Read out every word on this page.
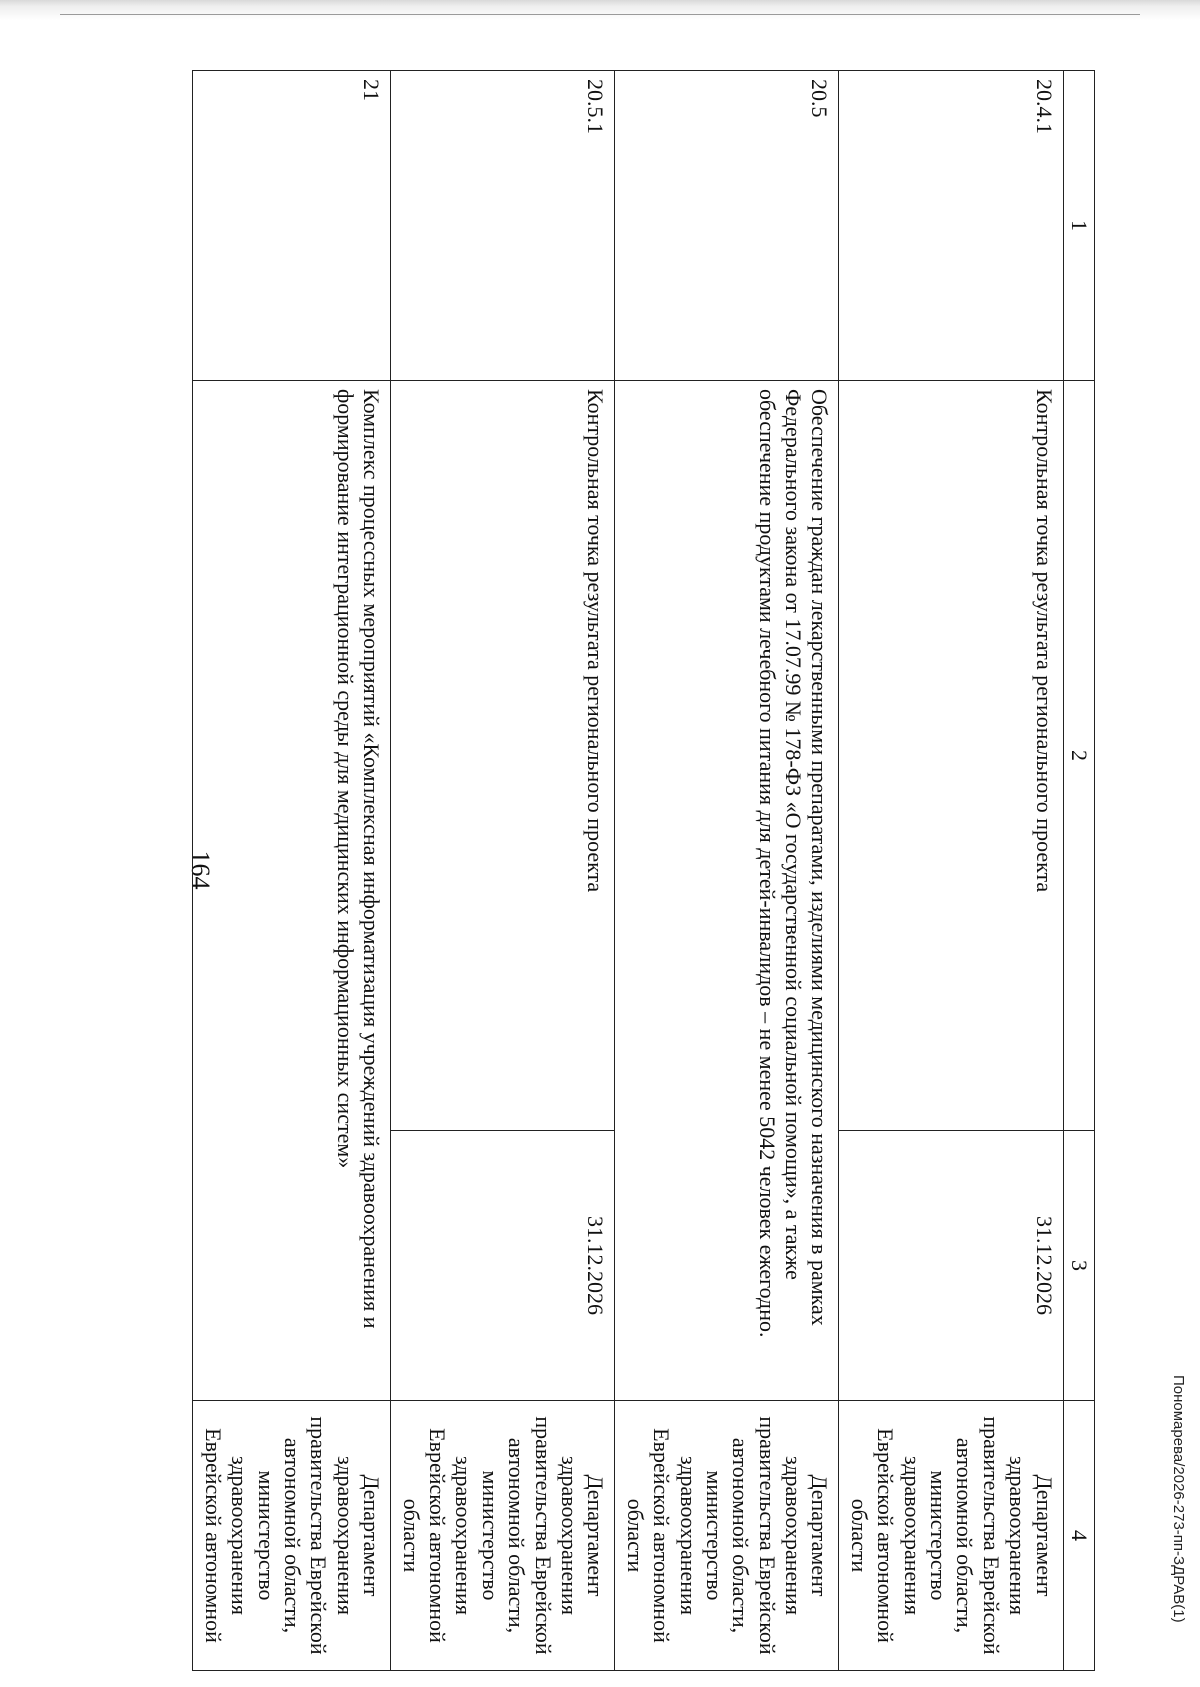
164
Пономарева/2026-273-пп-ЗДРАВ(1)
1	2	3	4
20.4.1	Контрольная точка результата регионального проекта	31.12.2026	Департамент здравоохранения правительства Еврейской автономной области, министерство здравоохранения Еврейской автономной области
20.5	Обеспечение граждан лекарственными препаратами, изделиями медицинского назначения в рамках Федерального закона от 17.07.99 № 178-ФЗ «О государственной социальной помощи», а также обеспечение продуктами лечебного питания для детей-инвалидов – не менее 5042 человек ежегодно.		Департамент здравоохранения правительства Еврейской автономной области, министерство здравоохранения Еврейской автономной области
20.5.1	Контрольная точка результата регионального проекта	31.12.2026	Департамент здравоохранения правительства Еврейской автономной области, министерство здравоохранения Еврейской автономной области
21	Комплекс процессных мероприятий «Комплексная информатизация учреждений здравоохранения и формирование интеграционной среды для медицинских информационных систем»		Департамент здравоохранения правительства Еврейской автономной области, министерство здравоохранения Еврейской автономной
